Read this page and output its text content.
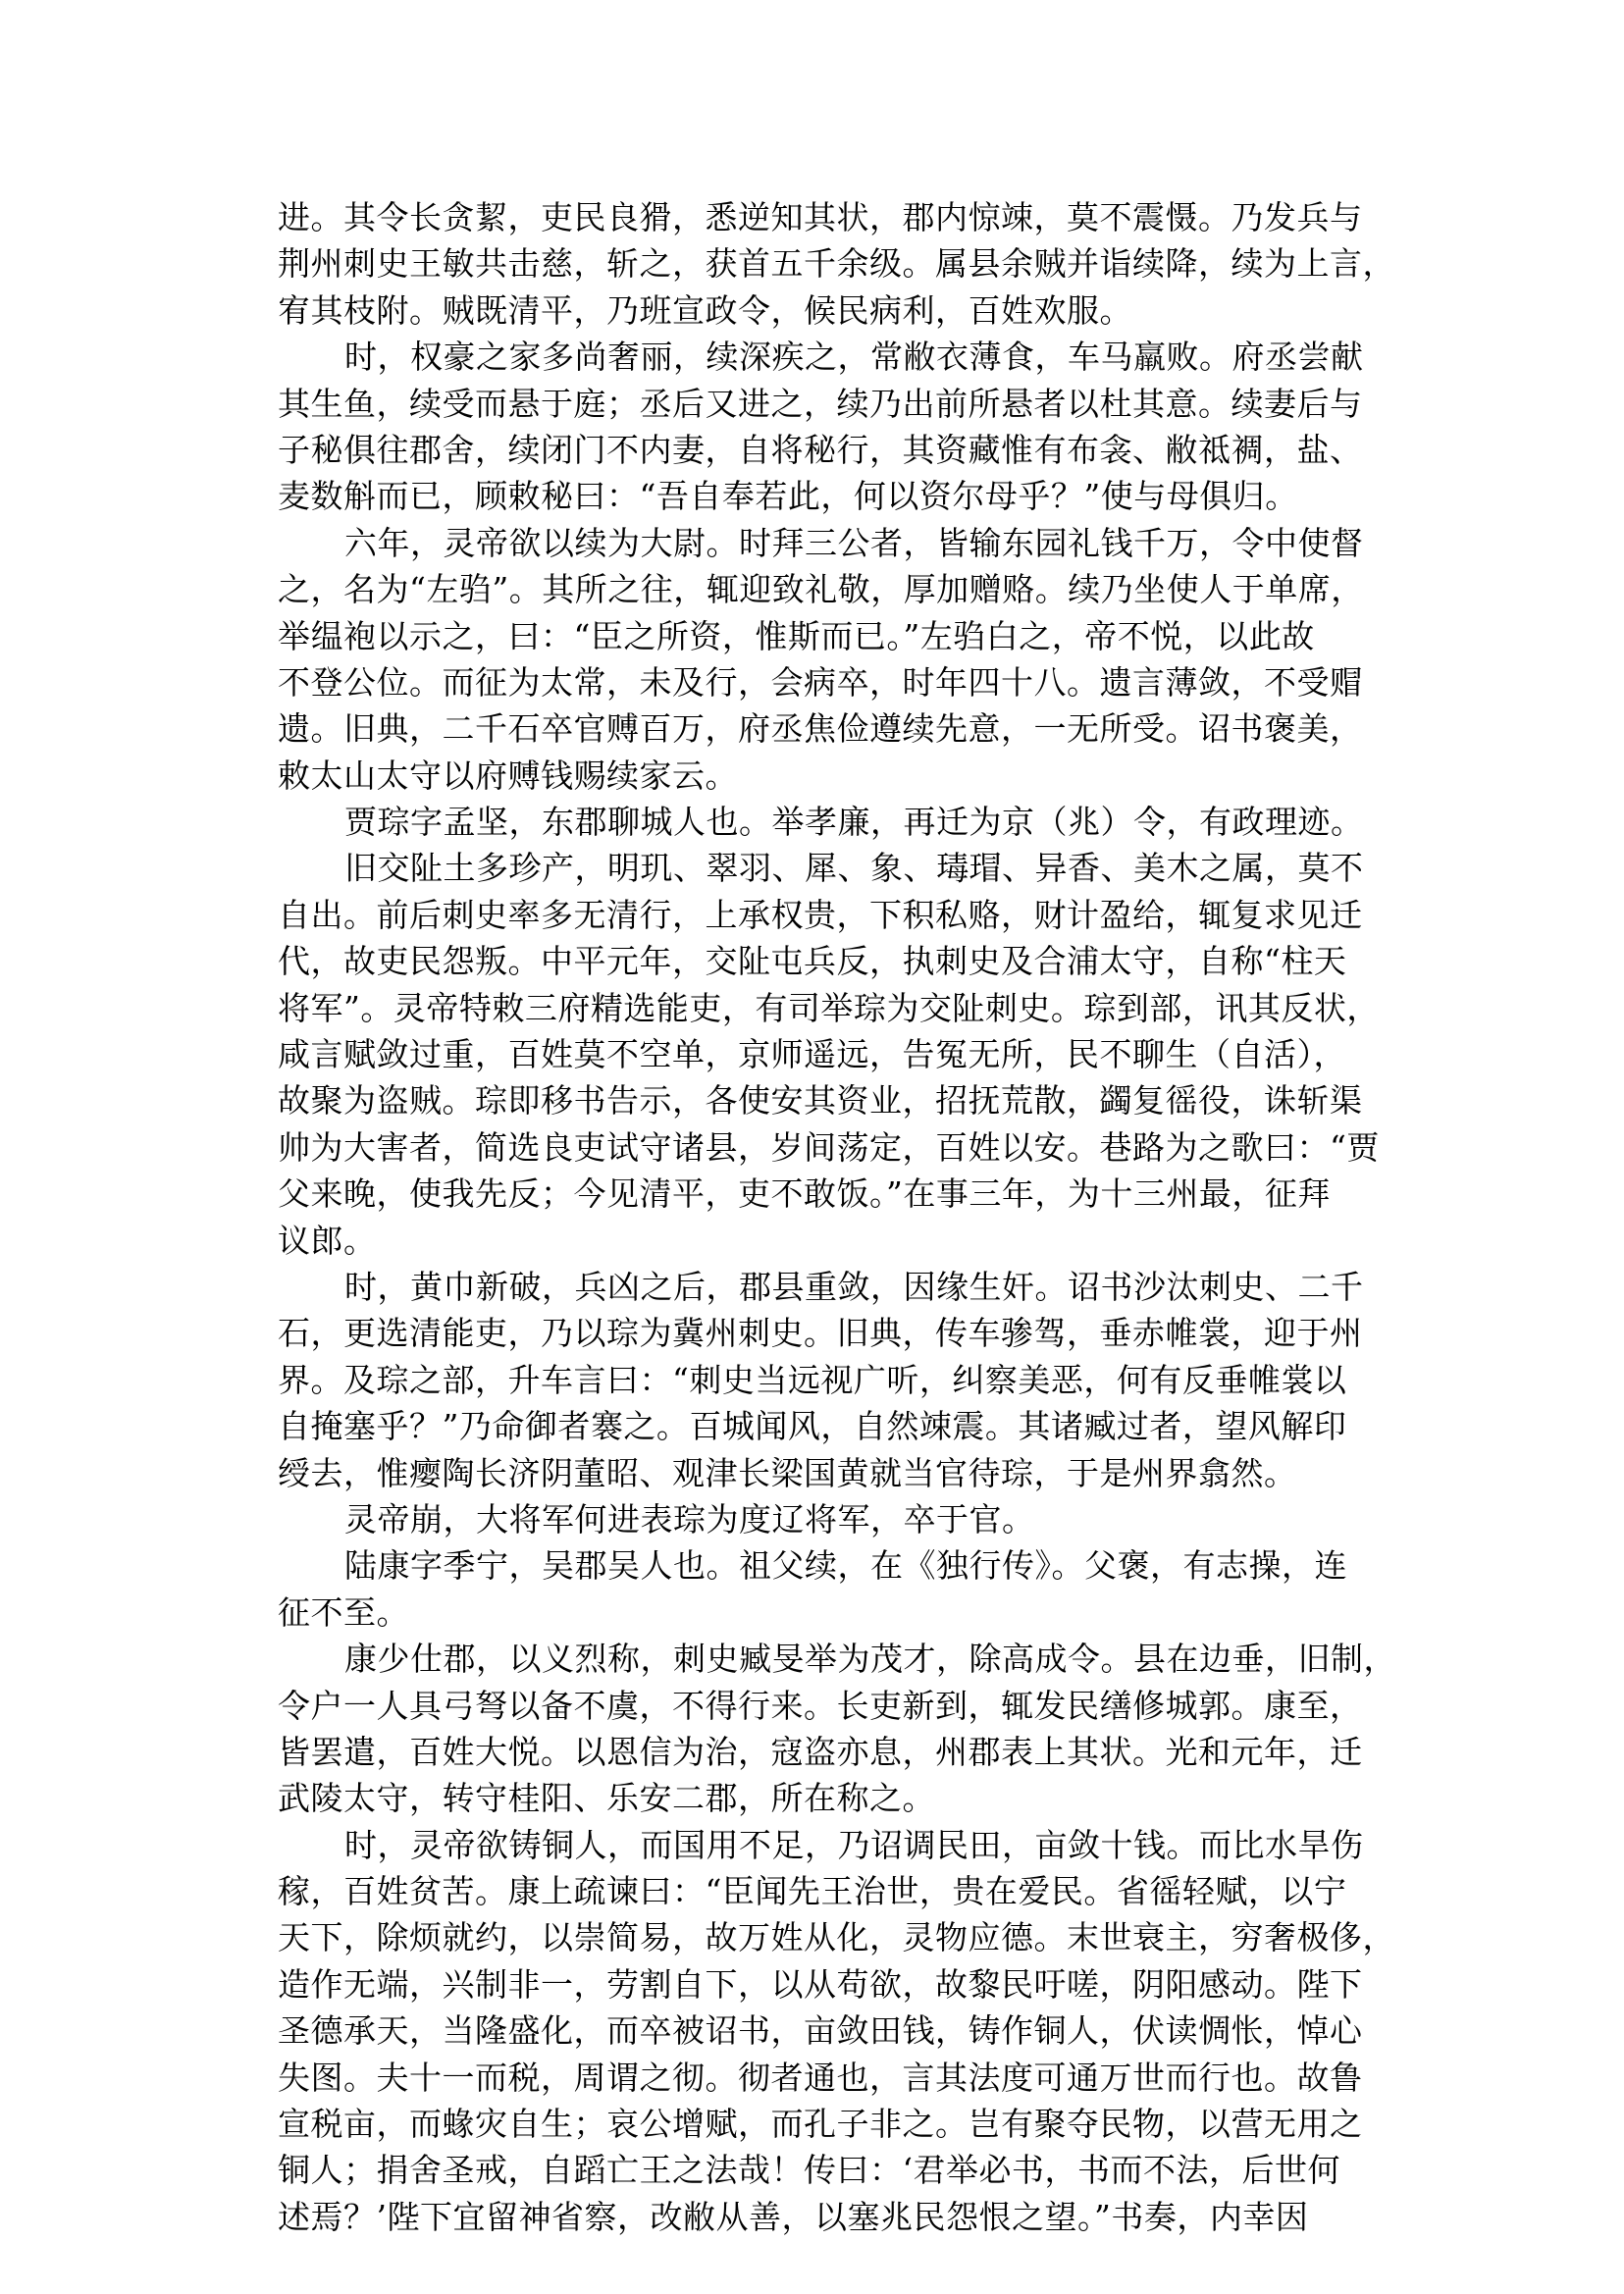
进。其令长贪絜，吏民良猾，悉逆知其状，郡内惊竦，莫不震慑。乃发兵与
荆州刺史王敏共击慈，斩之，获首五千余级。属县余贼并诣续降，续为上言，
宥其枝附。贼既清平，乃班宣政令，候民病利，百姓欢服。
时，权豪之家多尚奢丽，续深疾之，常敝衣薄食，车马羸败。府丞尝献
其生鱼，续受而悬于庭；丞后又进之，续乃出前所悬者以杜其意。续妻后与
子秘俱往郡舍，续闭门不内妻，自将秘行，其资藏惟有布衾、敝祗裯，盐、
麦数斛而已，顾敕秘曰：“吾自奉若此，何以资尔母乎？”使与母俱归。
六年，灵帝欲以续为大尉。时拜三公者，皆输东园礼钱千万，令中使督
之，名为“左驺”。其所之往，辄迎致礼敬，厚加赠赂。续乃坐使人于单席，
举缊袍以示之，曰：“臣之所资，惟斯而已。”左驺白之，帝不悦，以此故
不登公位。而征为太常，未及行，会病卒，时年四十八。遗言薄敛，不受赗
遗。旧典，二千石卒官赙百万，府丞焦俭遵续先意，一无所受。诏书褒美，
敕太山太守以府赙钱赐续家云。
贾琮字孟坚，东郡聊城人也。举孝廉，再迁为京（兆）令，有政理迹。
旧交阯土多珍产，明玑、翠羽、犀、象、瑇瑁、异香、美木之属，莫不
自出。前后刺史率多无清行，上承权贵，下积私赂，财计盈给，辄复求见迁
代，故吏民怨叛。中平元年，交阯屯兵反，执刺史及合浦太守，自称“柱天
将军”。灵帝特敕三府精选能吏，有司举琮为交阯刺史。琮到部，讯其反状，
咸言赋敛过重，百姓莫不空单，京师遥远，告冤无所，民不聊生（自活），
故聚为盗贼。琮即移书告示，各使安其资业，招抚荒散，蠲复徭役，诛斩渠
帅为大害者，简选良吏试守诸县，岁间荡定，百姓以安。巷路为之歌曰：“贾
父来晚，使我先反；今见清平，吏不敢饭。”在事三年，为十三州最，征拜
议郎。
时，黄巾新破，兵凶之后，郡县重敛，因缘生奸。诏书沙汰刺史、二千
石，更选清能吏，乃以琮为冀州刺史。旧典，传车骖驾，垂赤帷裳，迎于州
界。及琮之部，升车言曰：“刺史当远视广听，纠察美恶，何有反垂帷裳以
自掩塞乎？”乃命御者褰之。百城闻风，自然竦震。其诸臧过者，望风解印
绶去，惟瘿陶长济阴董昭、观津长梁国黄就当官待琮，于是州界翕然。
灵帝崩，大将军何进表琮为度辽将军，卒于官。
陆康字季宁，吴郡吴人也。祖父续，在《独行传》。父褒，有志操，连
征不至。
康少仕郡，以义烈称，刺史臧旻举为茂才，除高成令。县在边垂，旧制，
令户一人具弓弩以备不虞，不得行来。长吏新到，辄发民缮修城郭。康至，
皆罢遣，百姓大悦。以恩信为治，寇盗亦息，州郡表上其状。光和元年，迁
武陵太守，转守桂阳、乐安二郡，所在称之。
时，灵帝欲铸铜人，而国用不足，乃诏调民田，亩敛十钱。而比水旱伤
稼，百姓贫苦。康上疏谏曰：“臣闻先王治世，贵在爱民。省徭轻赋，以宁
天下，除烦就约，以崇简易，故万姓从化，灵物应德。末世衰主，穷奢极侈，
造作无端，兴制非一，劳割自下，以从苟欲，故黎民吁嗟，阴阳感动。陛下
圣德承天，当隆盛化，而卒被诏书，亩敛田钱，铸作铜人，伏读惆怅，悼心
失图。夫十一而税，周谓之彻。彻者通也，言其法度可通万世而行也。故鲁
宣税亩，而蝝灾自生；哀公增赋，而孔子非之。岂有聚夺民物，以营无用之
铜人；捐舍圣戒，自蹈亡王之法哉！传曰：‘君举必书，书而不法，后世何
述焉？’陛下宜留神省察，改敝从善，以塞兆民怨恨之望。”书奏，内幸因
